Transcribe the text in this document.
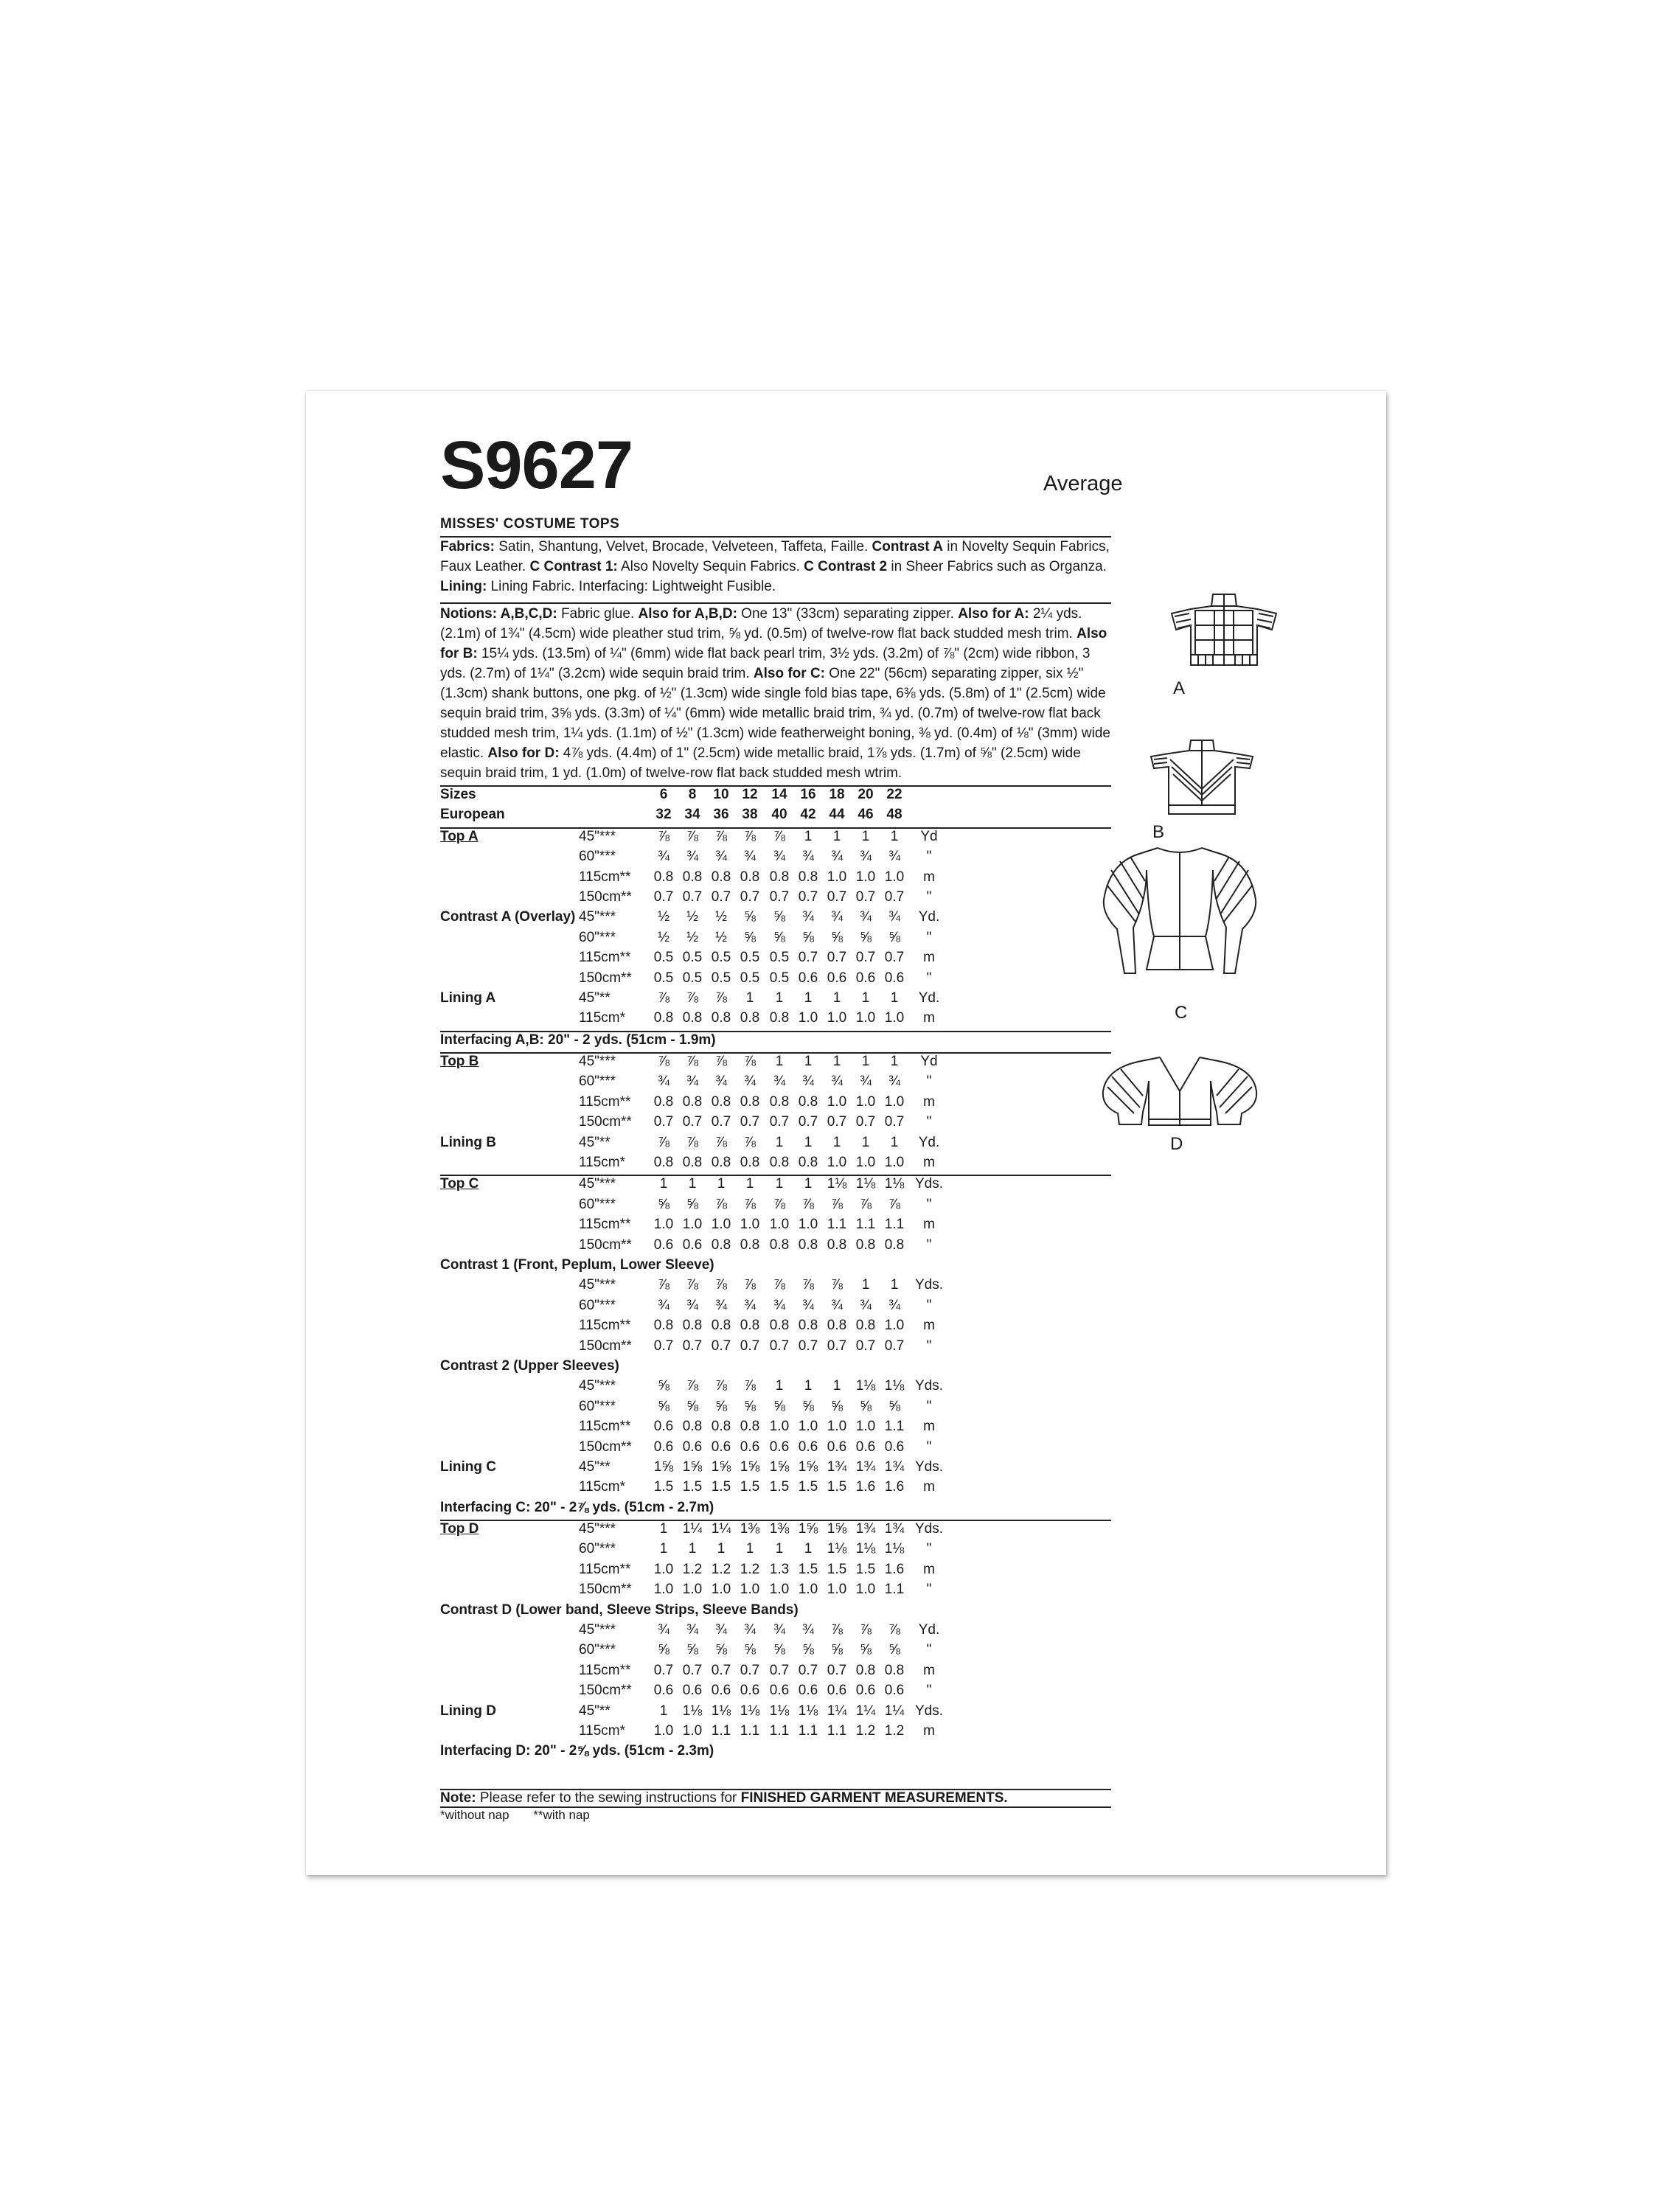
S9627	Average
MISSES' COSTUME TOPS
Fabrics: Satin, Shantung, Velvet, Brocade, Velveteen, Taffeta, Faille. Contrast A in Novelty Sequin Fabrics, Faux Leather. C Contrast 1: Also Novelty Sequin Fabrics. C Contrast 2 in Sheer Fabrics such as Organza. Lining: Lining Fabric. Interfacing: Lightweight Fusible.
Notions: A,B,C,D: Fabric glue. Also for A,B,D: One 13" (33cm) separating zipper. Also for A: 2¼ yds. (2.1m) of 1¾" (4.5cm) wide pleather stud trim, ⅝ yd. (0.5m) of twelve-row flat back studded mesh trim. Also for B: 15¼ yds. (13.5m) of ¼" (6mm) wide flat back pearl trim, 3½ yds. (3.2m) of ⅞" (2cm) wide ribbon, 3 yds. (2.7m) of 1¼" (3.2cm) wide sequin braid trim. Also for C: One 22" (56cm) separating zipper, six ½" (1.3cm) shank buttons, one pkg. of ½" (1.3cm) wide single fold bias tape, 6⅜ yds. (5.8m) of 1" (2.5cm) wide sequin braid trim, 3⅝ yds. (3.3m) of ¼" (6mm) wide metallic braid trim, ¾ yd. (0.7m) of twelve-row flat back studded mesh trim, 1¼ yds. (1.1m) of ½" (1.3cm) wide featherweight boning, ⅜ yd. (0.4m) of ⅛" (3mm) wide elastic. Also for D: 4⅞ yds. (4.4m) of 1" (2.5cm) wide metallic braid, 1⅞ yds. (1.7m) of ⅝" (2.5cm) wide sequin braid trim, 1 yd. (1.0m) of twelve-row flat back studded mesh wtrim.
Sizes	6	8	10 12 14 16 18 20 22
European	32 34 36 38 40 42 44 46 48
Top A	45"***	⅞	⅞	⅞	⅞	⅞	1	1	1	1	Yd
60"***	¾	¾	¾	¾	¾	¾	¾	¾	¾	"
115cm**	0.8 0.8 0.8 0.8 0.8 0.8 1.0 1.0 1.0	m
150cm**	0.7 0.7 0.7 0.7 0.7 0.7 0.7 0.7 0.7	"
Contrast A (Overlay) 45"***	½	½	½	⅝	⅝	¾	¾	¾	¾	Yd.
60"***	½	½	½	⅝	⅝	⅝	⅝	⅝	⅝	"
115cm**	0.5 0.5 0.5 0.5 0.5 0.7 0.7 0.7 0.7	m
150cm**	0.5 0.5 0.5 0.5 0.5 0.6 0.6 0.6 0.6	"
Lining A	45"**	⅞	⅞	⅞	1	1	1	1	1	1	Yd.
115cm*	0.8 0.8 0.8 0.8 0.8 1.0 1.0 1.0 1.0	m
Interfacing A,B: 20" - 2 yds. (51cm - 1.9m)
Top B	45"***	⅞	⅞	⅞	⅞	1	1	1	1	1	Yd
60"***	¾	¾	¾	¾	¾	¾	¾	¾	¾	"
115cm**	0.8 0.8 0.8 0.8 0.8 0.8 1.0 1.0 1.0	m
150cm**	0.7 0.7 0.7 0.7 0.7 0.7 0.7 0.7 0.7	"
Lining B	45"**	⅞	⅞	⅞	⅞	1	1	1	1	1	Yd.
115cm*	0.8 0.8 0.8 0.8 0.8 0.8 1.0 1.0 1.0	m
Top C	45"***	1	1	1	1	1	1	1⅛ 1⅛ 1⅛ Yds.
60"***	⅝	⅝	⅞	⅞	⅞	⅞	⅞	⅞	⅞	"
115cm**	1.0 1.0 1.0 1.0 1.0 1.0 1.1 1.1 1.1	m
150cm**	0.6 0.6 0.8 0.8 0.8 0.8 0.8 0.8 0.8	"
Contrast 1 (Front, Peplum, Lower Sleeve)
45"***	⅞	⅞	⅞	⅞	⅞	⅞	⅞	1	1	Yds.
60"***	¾	¾	¾	¾	¾	¾	¾	¾	¾	"
115cm**	0.8 0.8 0.8 0.8 0.8 0.8 0.8 0.8 1.0	m
150cm**	0.7 0.7 0.7 0.7 0.7 0.7 0.7 0.7 0.7	"
Contrast 2 (Upper Sleeves)
45"***	⅝	⅞	⅞	⅞	1	1	1	1⅛ 1⅛ Yds.
60"***	⅝	⅝	⅝	⅝	⅝	⅝	⅝	⅝	⅝	"
115cm**	0.6 0.8 0.8 0.8 1.0 1.0 1.0 1.0 1.1	m
150cm**	0.6 0.6 0.6 0.6 0.6 0.6 0.6 0.6 0.6	"
Lining C	45"**	1⅝ 1⅝ 1⅝ 1⅝ 1⅝ 1⅝ 1¾ 1¾ 1¾ Yds.
115cm*	1.5 1.5 1.5 1.5 1.5 1.5 1.5 1.6 1.6	m
Interfacing C: 20" - 2⅞ yds. (51cm - 2.7m)
Top D	45"***	1	1¼ 1¼ 1⅜ 1⅜ 1⅝ 1⅝ 1¾ 1¾ Yds.
60"***	1	1	1	1	1	1	1⅛ 1⅛ 1⅛	"
115cm**	1.0 1.2 1.2 1.2 1.3 1.5 1.5 1.5 1.6	m
150cm**	1.0 1.0 1.0 1.0 1.0 1.0 1.0 1.0 1.1	"
Contrast D (Lower band, Sleeve Strips, Sleeve Bands)
45"***	¾	¾	¾	¾	¾	¾	⅞	⅞	⅞	Yd.
60"***	⅝	⅝	⅝	⅝	⅝	⅝	⅝	⅝	⅝	"
115cm**	0.7 0.7 0.7 0.7 0.7 0.7 0.7 0.8 0.8	m
150cm**	0.6 0.6 0.6 0.6 0.6 0.6 0.6 0.6 0.6	"
Lining D	45"**	1	1⅛ 1⅛ 1⅛ 1⅛ 1⅛ 1¼ 1¼ 1¼ Yds.
115cm*	1.0 1.0 1.1 1.1 1.1 1.1 1.1 1.2 1.2	m
Interfacing D: 20" - 2⅝ yds. (51cm - 2.3m)
Note: Please refer to the sewing instructions for FINISHED GARMENT MEASUREMENTS.
*without nap **with nap
A
B
C
D
